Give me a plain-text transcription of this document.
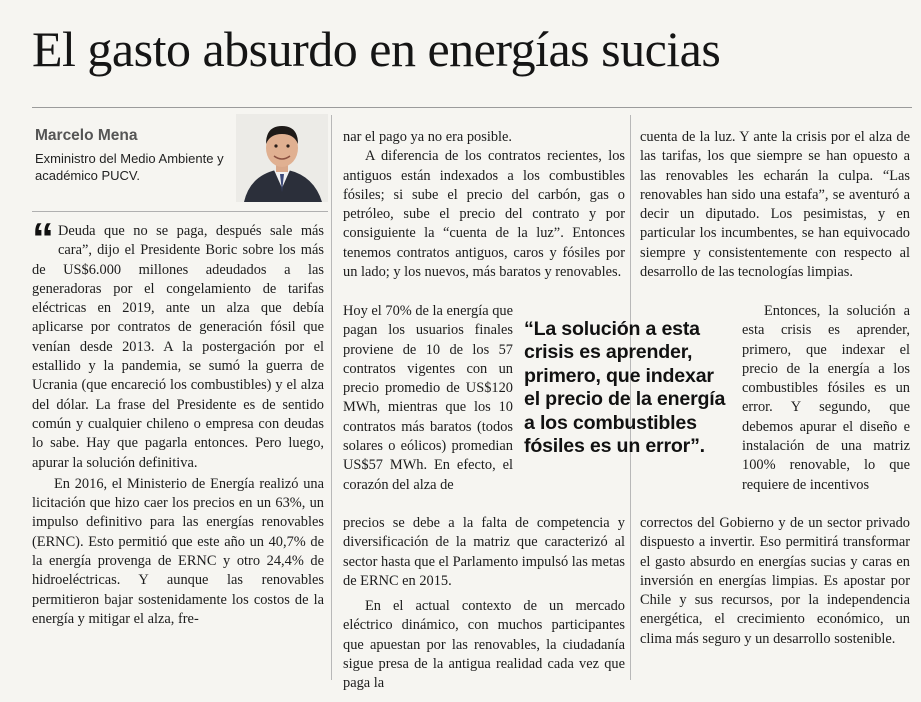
El gasto absurdo en energías sucias
Marcelo Mena
Exministro del Medio Ambiente y académico PUCV.

“ Deuda que no se paga, después sale más cara”, dijo el Presidente Boric sobre los más de US$6.000 millones adeudados a las generadoras por el congelamiento de tarifas eléctricas en 2019, ante un alza que debía aplicarse por contratos de generación fósil que venían desde 2013. A la postergación por el estallido y la pandemia, se sumó la guerra de Ucrania (que encareció los combustibles) y el alza del dólar. La frase del Presidente es de sentido común y cualquier chileno o empresa con deudas lo sabe. Hay que pagarla entonces. Pero luego, apurar la solución definitiva.

En 2016, el Ministerio de Energía realizó una licitación que hizo caer los precios en un 63%, un impulso definitivo para las energías renovables (ERNC). Esto permitió que este año un 40,7% de la energía provenga de ERNC y otro 24,4% de hidroeléctricas. Y aunque las renovables permitieron bajar sostenidamente los costos de la energía y mitigar el alza, fre-

nar el pago ya no era posible.

A diferencia de los contratos recientes, los antiguos están indexados a los combustibles fósiles; si sube el precio del carbón, gas o petróleo, sube el precio del contrato y por consiguiente la “cuenta de la luz”. Entonces tenemos contratos antiguos, caros y fósiles por un lado; y los nuevos, más baratos y renovables.

Hoy el 70% de la energía que pagan los usuarios finales proviene de 10 de los 57 contratos vigentes con un precio promedio de US$120 MWh, mientras que los 10 contratos más baratos (todos solares o eólicos) promedian US$57 MWh. En efecto, el corazón del alza de

precios se debe a la falta de competencia y diversificación de la matriz que caracterizó al sector hasta que el Parlamento impulsó las metas de ERNC en 2015.

En el actual contexto de un mercado eléctrico dinámico, con muchos participantes que apuestan por las renovables, la ciudadanía sigue presa de la antigua realidad cada vez que paga la

cuenta de la luz. Y ante la crisis por el alza de las tarifas, los que siempre se han opuesto a las renovables les echarán la culpa. “Las renovables han sido una estafa”, se aventuró a decir un diputado. Los pesimistas, y en particular los incumbentes, se han equivocado siempre y consistentemente con respecto al desarrollo de las tecnologías limpias.

Entonces, la solución a esta crisis es aprender, primero, que indexar el precio de la energía a los combustibles fósiles es un error. Y segundo, que debemos apurar el diseño e instalación de una matriz 100% renovable, lo que requiere de incentivos

correctos del Gobierno y de un sector privado dispuesto a invertir. Eso permitirá transformar el gasto absurdo en energías sucias y caras en inversión en energías limpias. Es apostar por Chile y sus recursos, por la independencia energética, el crecimiento económico, un clima más seguro y un desarrollo sostenible.

“La solución a esta crisis es aprender, primero, que indexar el precio de la energía a los combustibles fósiles es un error”.
